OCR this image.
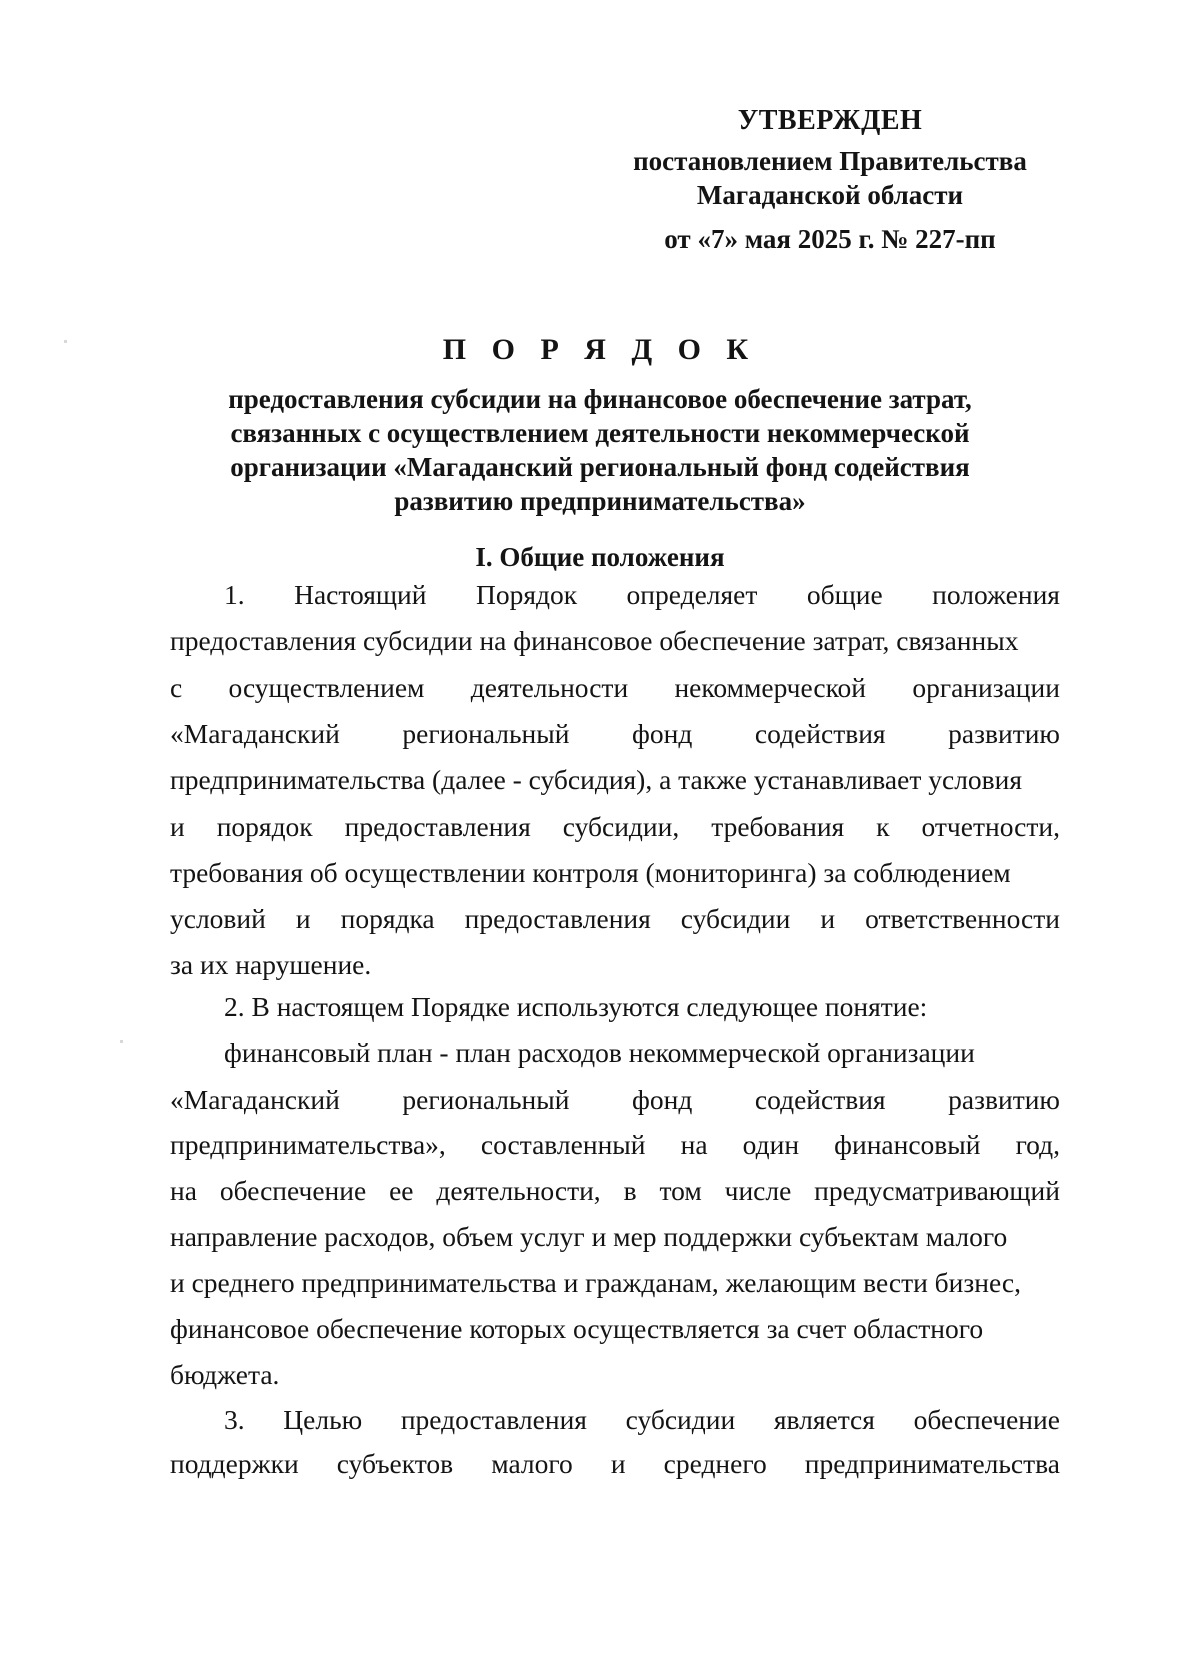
УТВЕРЖДЕН
постановлением Правительства
Магаданской области
от «7» мая 2025 г. № 227-пп
П О Р Я Д О К
предоставления субсидии на финансовое обеспечение затрат,
связанных с осуществлением деятельности некоммерческой
организации «Магаданский региональный фонд содействия
развитию предпринимательства»
I. Общие положения
1. Настоящий Порядок определяет общие положения
предоставления субсидии на финансовое обеспечение затрат, связанных
с осуществлением деятельности некоммерческой организации
«Магаданский региональный фонд содействия развитию
предпринимательства (далее - субсидия), а также устанавливает условия
и порядок предоставления субсидии, требования к отчетности,
требования об осуществлении контроля (мониторинга) за соблюдением
условий и порядка предоставления субсидии и ответственности
за их нарушение.
2. В настоящем Порядке используются следующее понятие:
финансовый план - план расходов некоммерческой организации
«Магаданский региональный фонд содействия развитию
предпринимательства», составленный на один финансовый год,
на обеспечение ее деятельности, в том числе предусматривающий
направление расходов, объем услуг и мер поддержки субъектам малого
и среднего предпринимательства и гражданам, желающим вести бизнес,
финансовое обеспечение которых осуществляется за счет областного
бюджета.
3. Целью предоставления субсидии является обеспечение
поддержки субъектов малого и среднего предпринимательства
